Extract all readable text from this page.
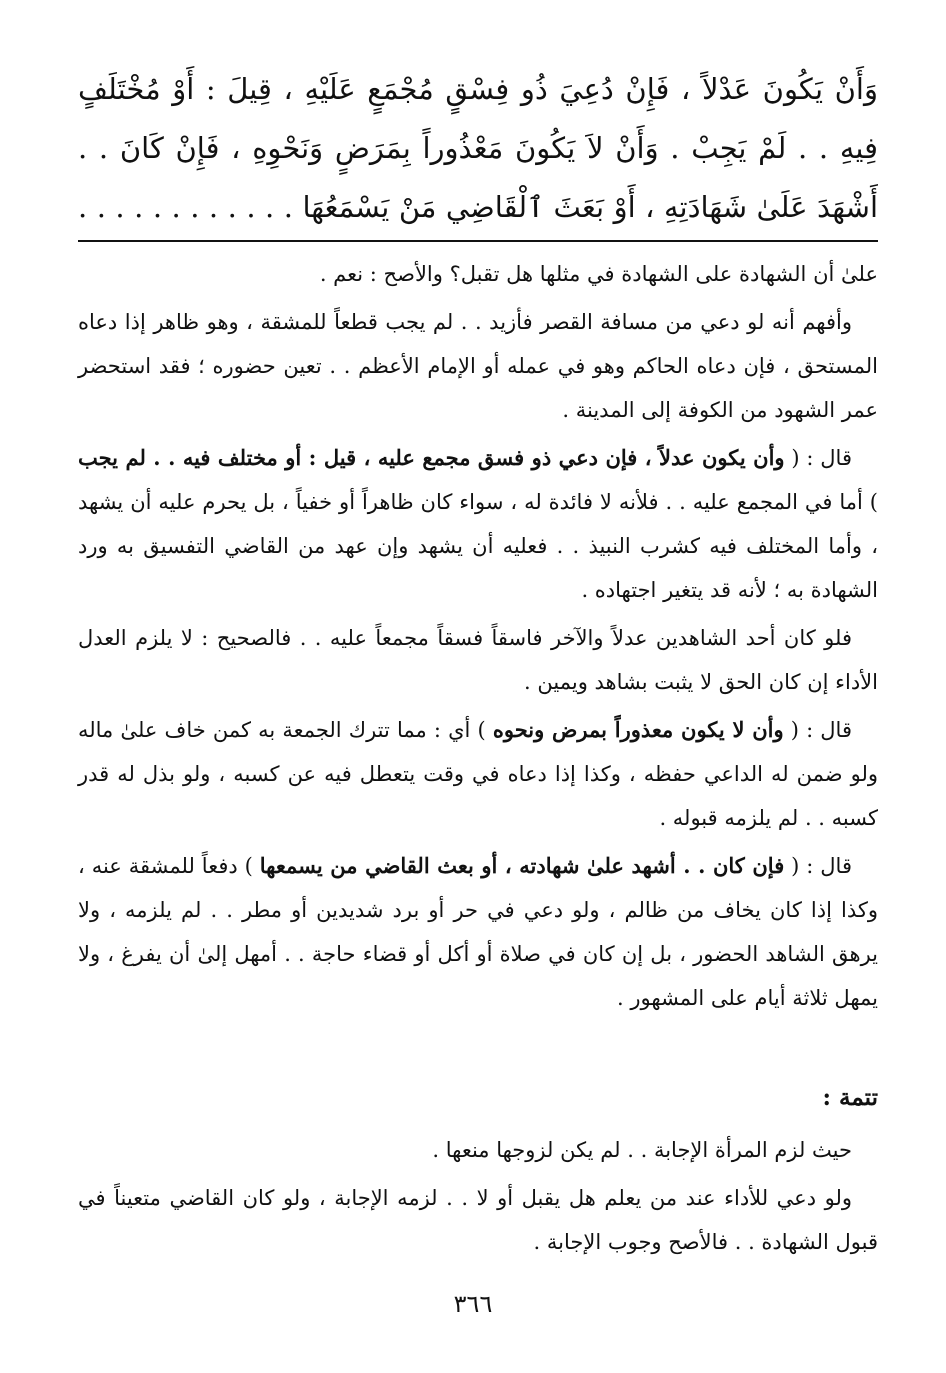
وَأَنْ يَكُونَ عَدْلاً ، فَإِنْ دُعِيَ ذُو فِسْقٍ مُجْمَعٍ عَلَيْهِ ، قِيلَ : أَوْ مُخْتَلَفٍ فِيهِ . . لَمْ يَجِبْ . وَأَنْ لاَ يَكُونَ مَعْذُوراً بِمَرَضٍ وَنَحْوِهِ ، فَإِنْ كَانَ . . أَشْهَدَ عَلَىٰ شَهَادَتِهِ ، أَوْ بَعَثَ ٱلْقَاضِي مَنْ يَسْمَعُهَا . . . . . . . . . . . .

علىٰ أن الشهادة على الشهادة في مثلها هل تقبل؟ والأصح : نعم .

وأفهم أنه لو دعي من مسافة القصر فأزيد . . لم يجب قطعاً للمشقة ، وهو ظاهر إذا دعاه المستحق ، فإن دعاه الحاكم وهو في عمله أو الإمام الأعظم . . تعين حضوره ؛ فقد استحضر عمر الشهود من الكوفة إلى المدينة .

قال : ( وأن يكون عدلاً ، فإن دعي ذو فسق مجمع عليه ، قيل : أو مختلف فيه . . لم يجب ) أما في المجمع عليه . . فلأنه لا فائدة له ، سواء كان ظاهراً أو خفياً ، بل يحرم عليه أن يشهد ، وأما المختلف فيه كشرب النبيذ . . فعليه أن يشهد وإن عهد من القاضي التفسيق به ورد الشهادة به ؛ لأنه قد يتغير اجتهاده .

فلو كان أحد الشاهدين عدلاً والآخر فاسقاً فسقاً مجمعاً عليه . . فالصحيح : لا يلزم العدل الأداء إن كان الحق لا يثبت بشاهد ويمين .

قال : ( وأن لا يكون معذوراً بمرض ونحوه ) أي : مما تترك الجمعة به كمن خاف علىٰ ماله ولو ضمن له الداعي حفظه ، وكذا إذا دعاه في وقت يتعطل فيه عن كسبه ، ولو بذل له قدر كسبه . . لم يلزمه قبوله .

قال : ( فإن كان . . أشهد علىٰ شهادته ، أو بعث القاضي من يسمعها ) دفعاً للمشقة عنه ، وكذا إذا كان يخاف من ظالم ، ولو دعي في حر أو برد شديدين أو مطر . . لم يلزمه ، ولا يرهق الشاهد الحضور ، بل إن كان في صلاة أو أكل أو قضاء حاجة . . أمهل إلىٰ أن يفرغ ، ولا يمهل ثلاثة أيام على المشهور .

تتمة :

حيث لزم المرأة الإجابة . . لم يكن لزوجها منعها .

ولو دعي للأداء عند من يعلم هل يقبل أو لا . . لزمه الإجابة ، ولو كان القاضي متعيناً في قبول الشهادة . . فالأصح وجوب الإجابة .

٣٦٦
